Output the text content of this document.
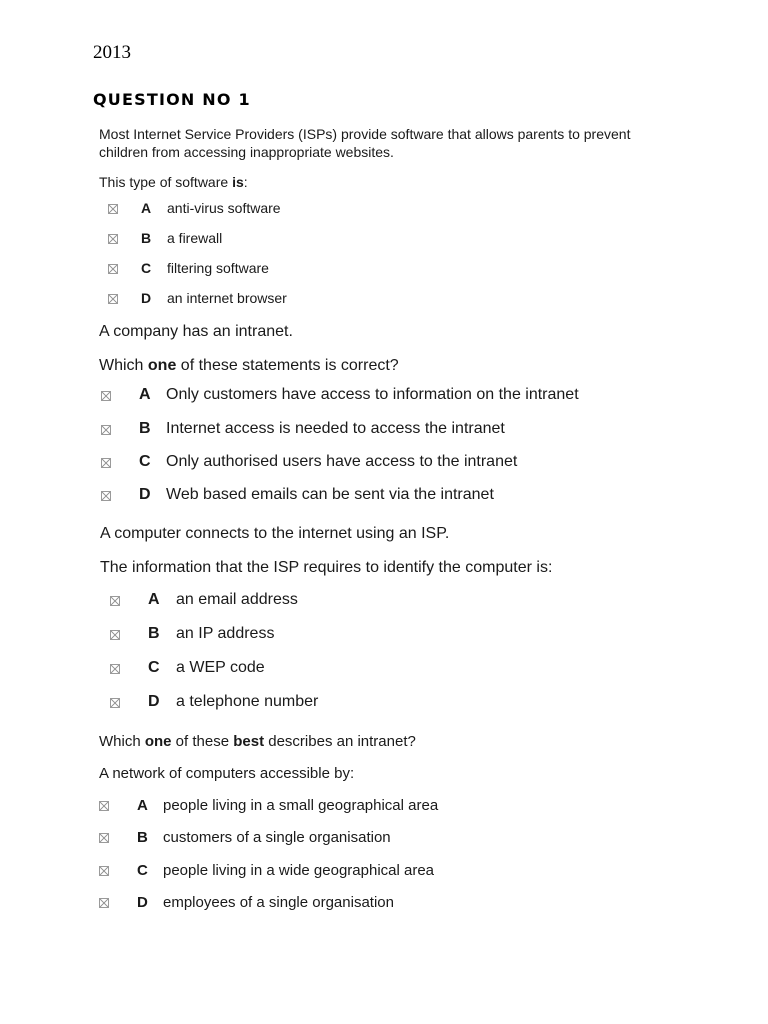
2013
QUESTION NO 1
Most Internet Service Providers (ISPs) provide software that allows parents to prevent
children from accessing inappropriate websites.
This type of software is:
A anti-virus software
B a firewall
C filtering software
D an internet browser
A company has an intranet.
Which one of these statements is correct?
A Only customers have access to information on the intranet
B Internet access is needed to access the intranet
C Only authorised users have access to the intranet
D Web based emails can be sent via the intranet
A computer connects to the internet using an ISP.
The information that the ISP requires to identify the computer is:
A an email address
B an IP address
C a WEP code
D a telephone number
Which one of these best describes an intranet?
A network of computers accessible by:
A people living in a small geographical area
B customers of a single organisation
C people living in a wide geographical area
D employees of a single organisation
